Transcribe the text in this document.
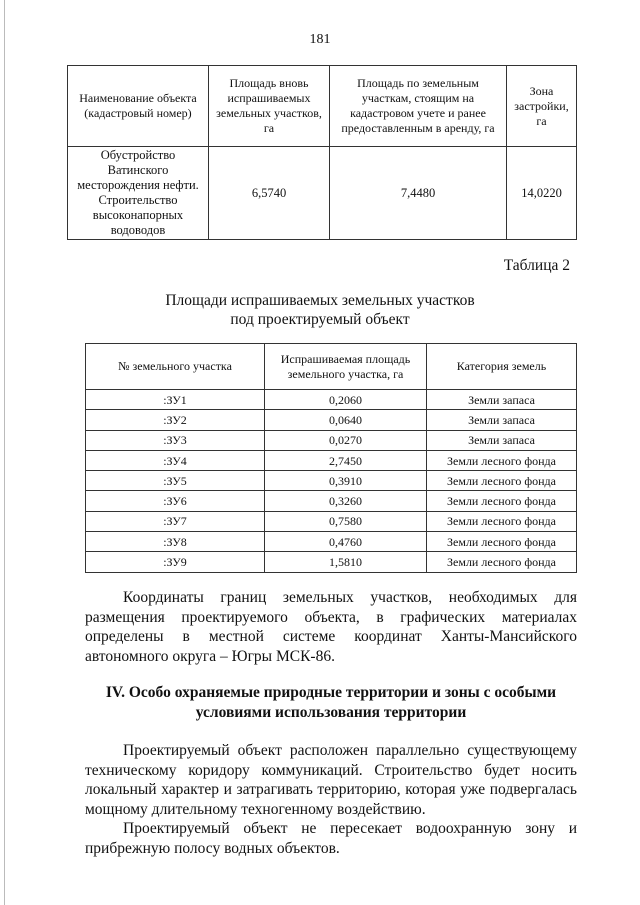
181
Наименование объекта (кадастровый номер)	Площадь вновь испрашиваемых земельных участков, га	Площадь по земельным участкам, стоящим на кадастровом учете и ранее предоставленным в аренду, га	Зона застройки, га
Обустройство Ватинского месторождения нефти. Строительство высоконапорных водоводов	6,5740	7,4480	14,0220
Таблица 2
Площади испрашиваемых земельных участков
под проектируемый объект
№ земельного участка	Испрашиваемая площадь земельного участка, га	Категория земель
:ЗУ1	0,2060	Земли запаса
:ЗУ2	0,0640	Земли запаса
:ЗУ3	0,0270	Земли запаса
:ЗУ4	2,7450	Земли лесного фонда
:ЗУ5	0,3910	Земли лесного фонда
:ЗУ6	0,3260	Земли лесного фонда
:ЗУ7	0,7580	Земли лесного фонда
:ЗУ8	0,4760	Земли лесного фонда
:ЗУ9	1,5810	Земли лесного фонда
Координаты границ земельных участков, необходимых для размещения проектируемого объекта, в графических материалах определены в местной системе координат Ханты-Мансийского автономного округа – Югры МСК-86.
IV. Особо охраняемые природные территории и зоны с особыми
условиями использования территории
Проектируемый объект расположен параллельно существующему техническому коридору коммуникаций. Строительство будет носить локальный характер и затрагивать территорию, которая уже подвергалась мощному длительному техногенному воздействию.
Проектируемый объект не пересекает водоохранную зону и прибрежную полосу водных объектов.
